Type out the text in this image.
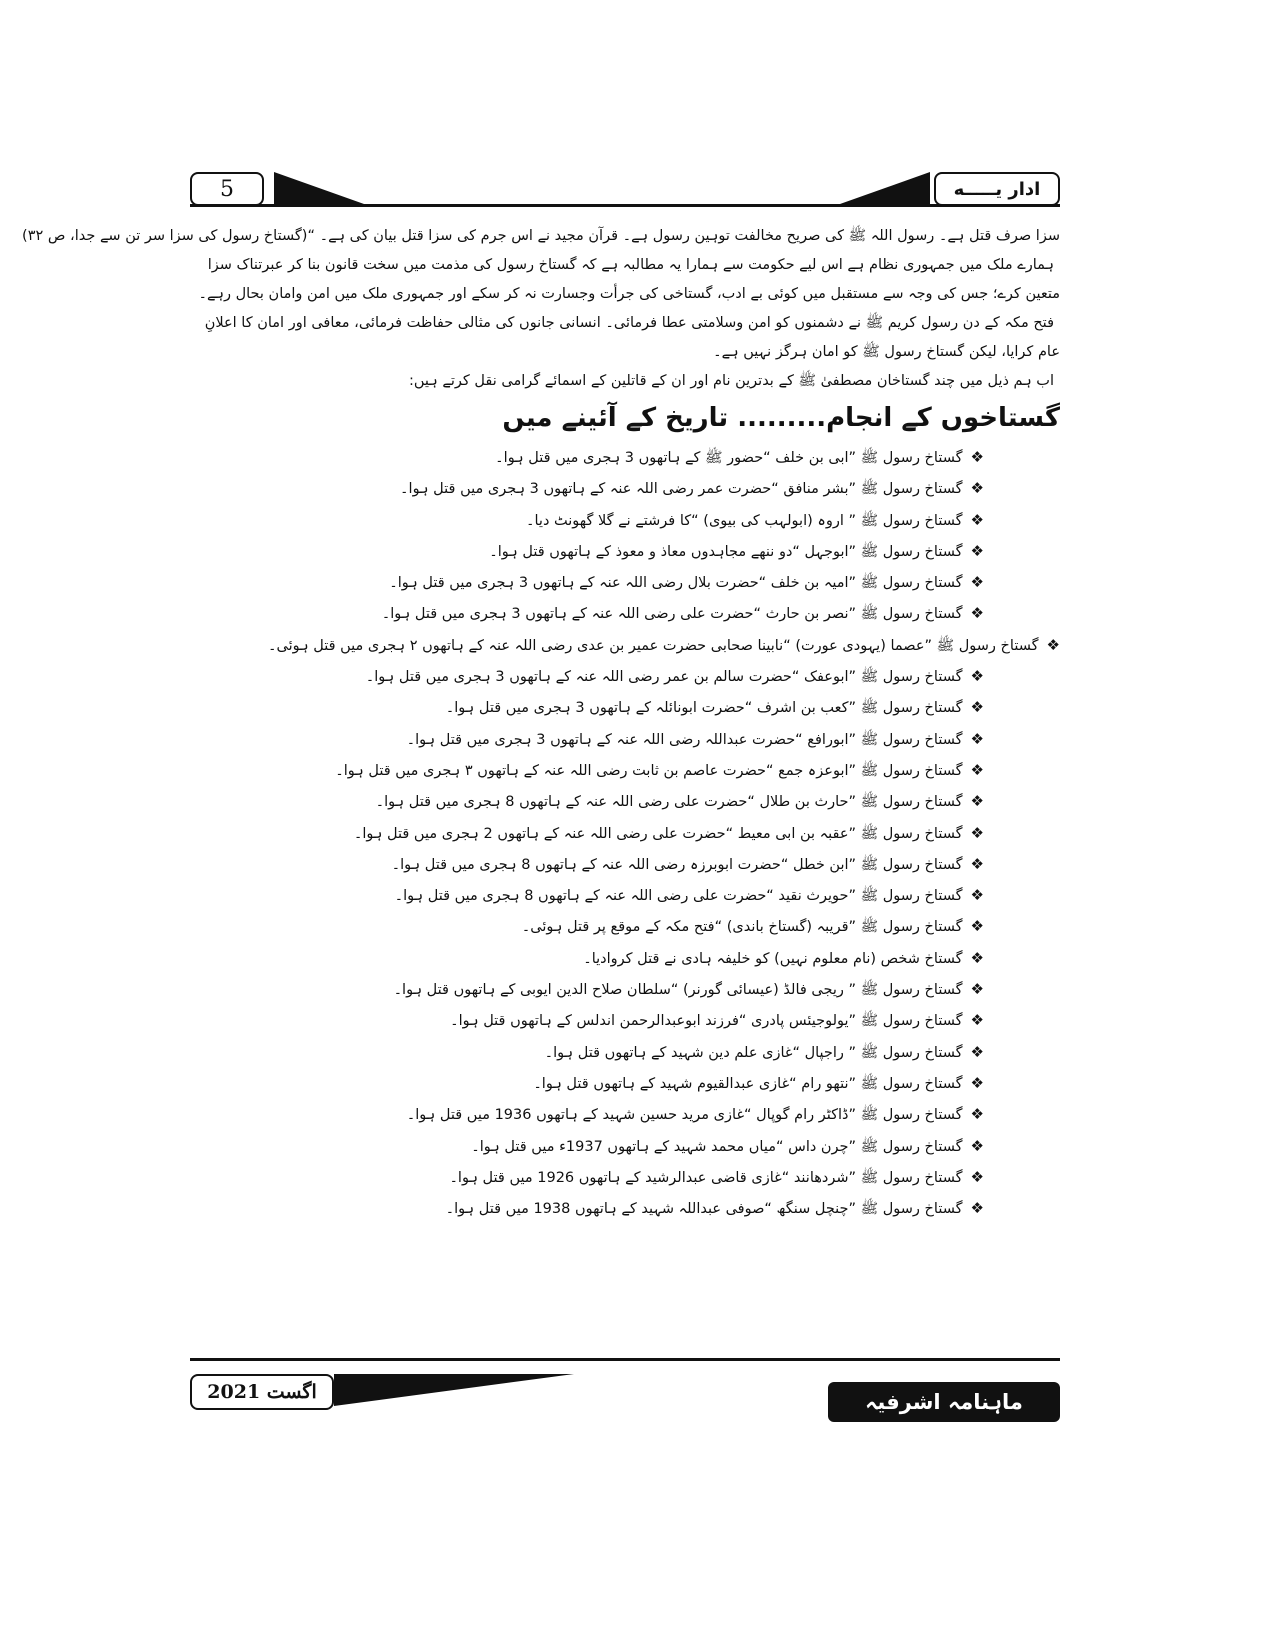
5	ادار یـــــه

سزا صرف قتل ہے۔ رسول اللہ ﷺ کی صریح مخالفت توہین رسول ہے۔ قرآن مجید نے اس جرم کی سزا قتل بیان کی ہے۔ “(گستاخ رسول کی سزا سر تن سے جدا، ص ۳۲)

ہمارے ملک میں جمہوری نظام ہے اس لیے حکومت سے ہمارا یہ مطالبہ ہے کہ گستاخ رسول کی مذمت میں سخت قانون بنا کر عبرتناک سزا

متعین کرے؛ جس کی وجہ سے مستقبل میں کوئی بے ادب، گستاخی کی جرأت وجسارت نہ کر سکے اور جمہوری ملک میں امن وامان بحال رہے۔

فتح مکہ کے دن رسول کریم ﷺ نے دشمنوں کو امن وسلامتی عطا فرمائی۔ انسانی جانوں کی مثالی حفاظت فرمائی، معافی اور امان کا اعلانِ

عام کرایا، لیکن گستاخ رسول ﷺ کو امان ہرگز نہیں ہے۔

اب ہم ذیل میں چند گستاخان مصطفیٰ ﷺ کے بدترین نام اور ان کے قاتلین کے اسمائے گرامی نقل کرتے ہیں:

گستاخوں کے انجام......... تاریخ کے آئینے میں
❖گستاخ رسول ﷺ ”ابی بن خلف “حضور ﷺ کے ہاتھوں 3 ہجری میں قتل ہوا۔
❖گستاخ رسول ﷺ ”بشر منافق “حضرت عمر رضی اللہ عنہ کے ہاتھوں 3 ہجری میں قتل ہوا۔
❖گستاخ رسول ﷺ ” اروہ (ابولہب کی بیوی) “کا فرشتے نے گلا گھونٹ دیا۔
❖گستاخ رسول ﷺ ”ابوجہل “دو ننھے مجاہدوں معاذ و معوذ کے ہاتھوں قتل ہوا۔
❖گستاخ رسول ﷺ ”امیہ بن خلف “حضرت بلال رضی اللہ عنہ کے ہاتھوں 3 ہجری میں قتل ہوا۔
❖گستاخ رسول ﷺ ”نصر بن حارث “حضرت علی رضی اللہ عنہ کے ہاتھوں 3 ہجری میں قتل ہوا۔
❖گستاخ رسول ﷺ ”عصما (یہودی عورت) “نابینا صحابی حضرت عمیر بن عدی رضی اللہ عنہ کے ہاتھوں ۲ ہجری میں قتل ہوئی۔
❖گستاخ رسول ﷺ ”ابوعفک “حضرت سالم بن عمر رضی اللہ عنہ کے ہاتھوں 3 ہجری میں قتل ہوا۔
❖گستاخ رسول ﷺ ”کعب بن اشرف “حضرت ابونائلہ کے ہاتھوں 3 ہجری میں قتل ہوا۔
❖گستاخ رسول ﷺ ”ابورافع “حضرت عبداللہ رضی اللہ عنہ کے ہاتھوں 3 ہجری میں قتل ہوا۔
❖گستاخ رسول ﷺ ”ابوعزہ جمع “حضرت عاصم بن ثابت رضی اللہ عنہ کے ہاتھوں ۳ ہجری میں قتل ہوا۔
❖گستاخ رسول ﷺ ”حارث بن طلال “حضرت علی رضی اللہ عنہ کے ہاتھوں 8 ہجری میں قتل ہوا۔
❖گستاخ رسول ﷺ ”عقبہ بن ابی معیط “حضرت علی رضی اللہ عنہ کے ہاتھوں 2 ہجری میں قتل ہوا۔
❖گستاخ رسول ﷺ ”ابن خطل “حضرت ابوبرزہ رضی اللہ عنہ کے ہاتھوں 8 ہجری میں قتل ہوا۔
❖گستاخ رسول ﷺ ”حویرث نقید “حضرت علی رضی اللہ عنہ کے ہاتھوں 8 ہجری میں قتل ہوا۔
❖گستاخ رسول ﷺ ”قریبہ (گستاخ باندی) “فتح مکہ کے موقع پر قتل ہوئی۔
❖گستاخ شخص (نام معلوم نہیں) کو خلیفہ ہادی نے قتل کروادیا۔
❖گستاخ رسول ﷺ ” ریجی فالڈ (عیسائی گورنر) “سلطان صلاح الدین ایوبی کے ہاتھوں قتل ہوا۔
❖گستاخ رسول ﷺ ”یولوجیئس پادری “فرزند ابوعبدالرحمن اندلس کے ہاتھوں قتل ہوا۔
❖گستاخ رسول ﷺ ” راجپال “غازی علم دین شہید کے ہاتھوں قتل ہوا۔
❖گستاخ رسول ﷺ ”نتھو رام “غازی عبدالقیوم شہید کے ہاتھوں قتل ہوا۔
❖گستاخ رسول ﷺ ”ڈاکٹر رام گوپال “غازی مرید حسین شہید کے ہاتھوں 1936 میں قتل ہوا۔
❖گستاخ رسول ﷺ ”چرن داس “میاں محمد شہید کے ہاتھوں 1937ء میں قتل ہوا۔
❖گستاخ رسول ﷺ ”شردھانند “غازی قاضی عبدالرشید کے ہاتھوں 1926 میں قتل ہوا۔
❖گستاخ رسول ﷺ ”چنچل سنگھ “صوفی عبداللہ شہید کے ہاتھوں 1938 میں قتل ہوا۔
اگست 2021	ماہنامہ اشرفیہ
